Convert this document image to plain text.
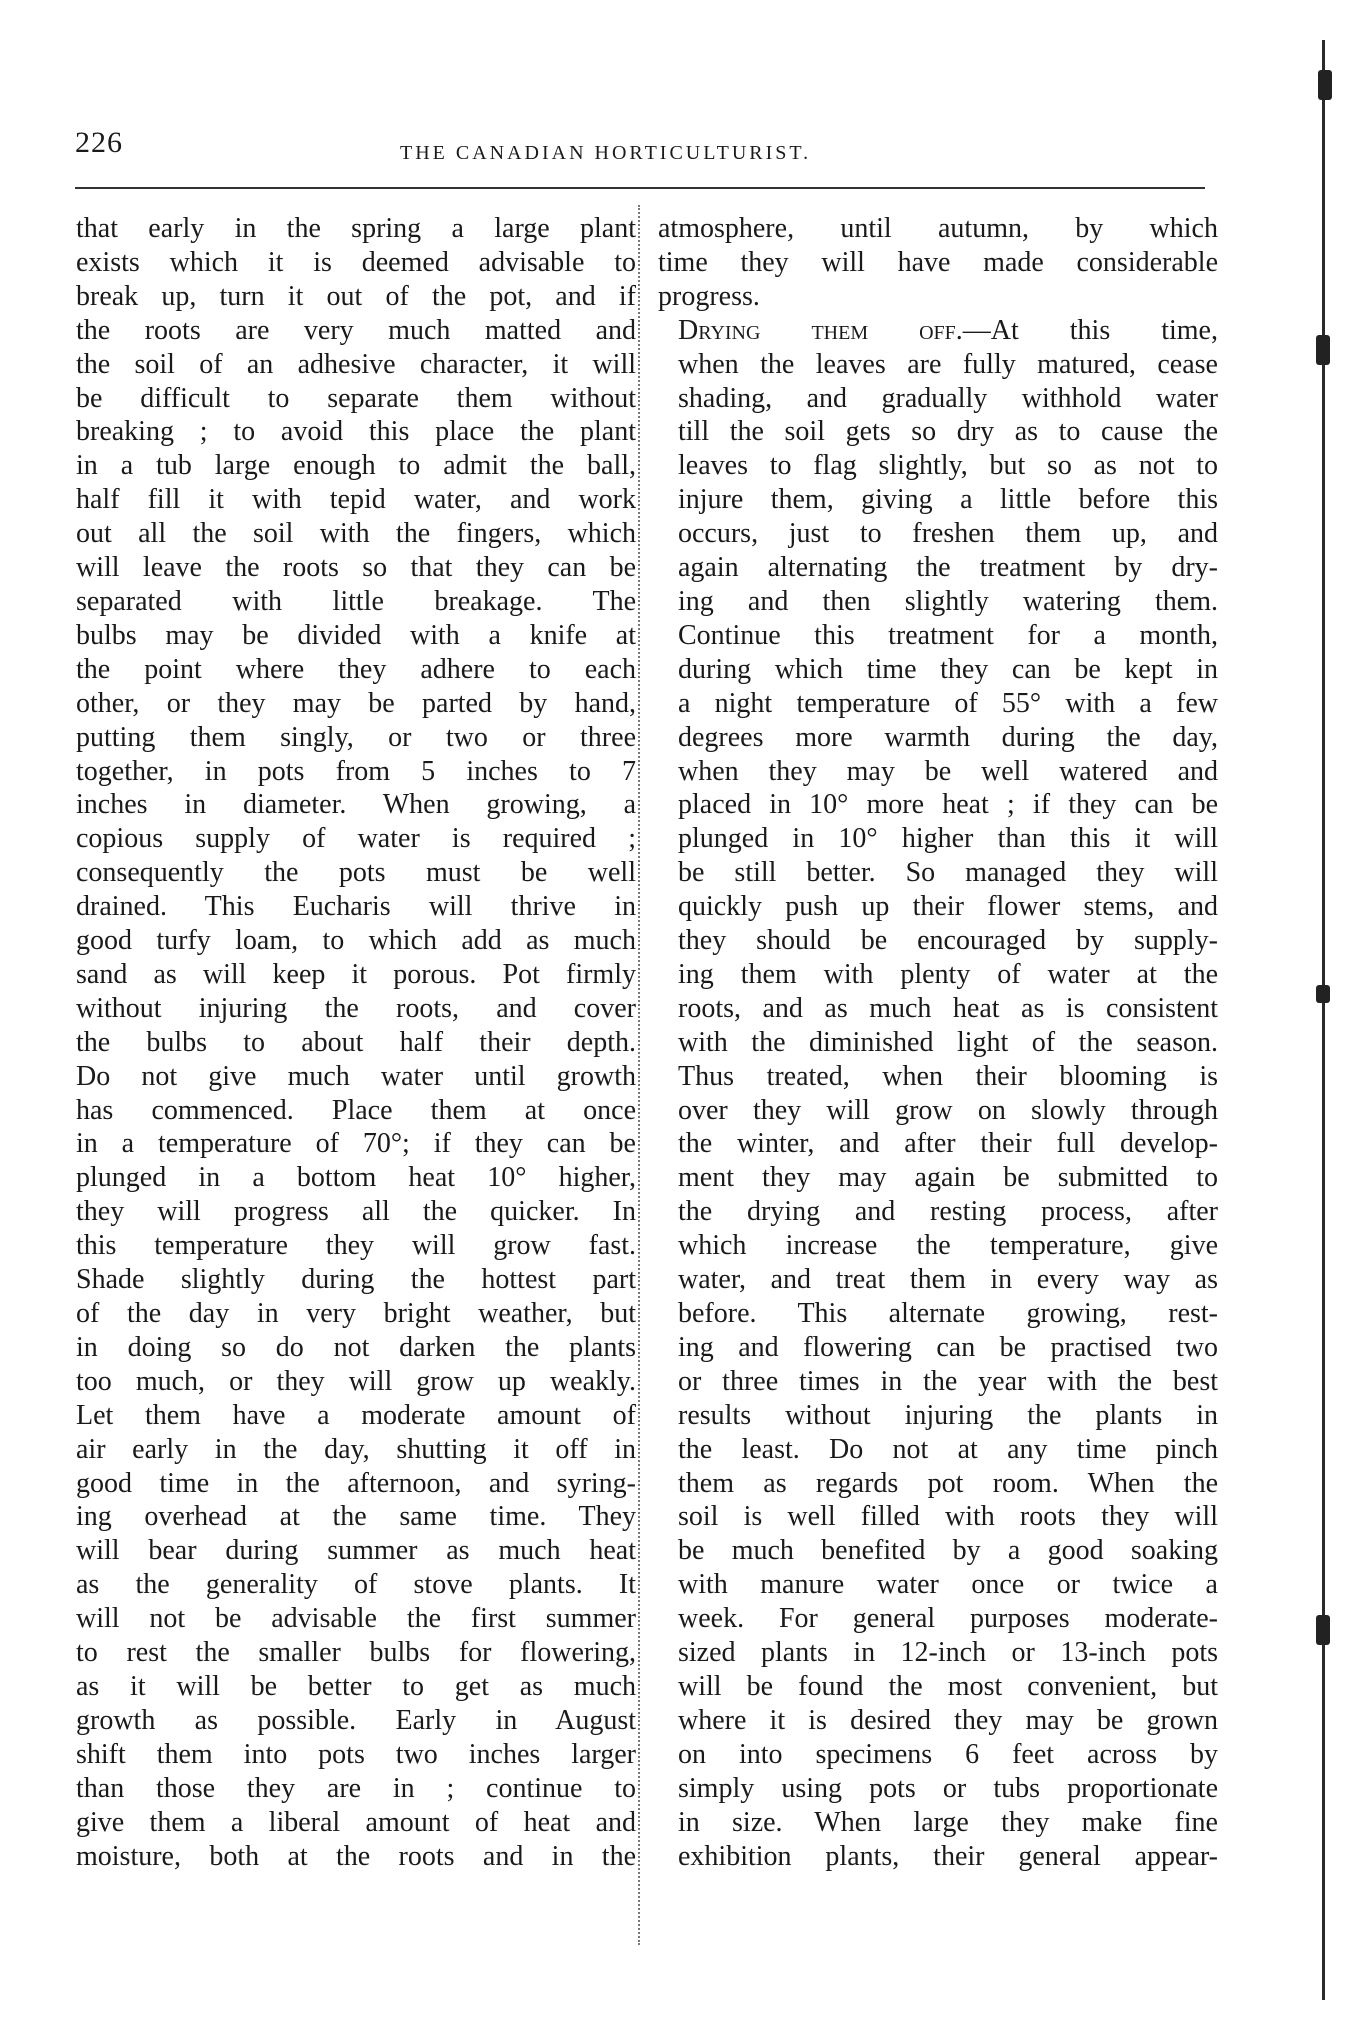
226	THE CANADIAN HORTICULTURIST.

that early in the spring a large plant
exists which it is deemed advisable to
break up, turn it out of the pot, and if
the roots are very much matted and
the soil of an adhesive character, it will
be difficult to separate them without
breaking ; to avoid this place the plant
in a tub large enough to admit the ball,
half fill it with tepid water, and work
out all the soil with the fingers, which
will leave the roots so that they can be
separated with little breakage. The
bulbs may be divided with a knife at
the point where they adhere to each
other, or they may be parted by hand,
putting them singly, or two or three
together, in pots from 5 inches to 7
inches in diameter. When growing, a
copious supply of water is required ;
consequently the pots must be well
drained. This Eucharis will thrive in
good turfy loam, to which add as much
sand as will keep it porous. Pot firmly
without injuring the roots, and cover
the bulbs to about half their depth.
Do not give much water until growth
has commenced. Place them at once
in a temperature of 70°; if they can be
plunged in a bottom heat 10° higher,
they will progress all the quicker. In
this temperature they will grow fast.
Shade slightly during the hottest part
of the day in very bright weather, but
in doing so do not darken the plants
too much, or they will grow up weakly.
Let them have a moderate amount of
air early in the day, shutting it off in
good time in the afternoon, and syring-
ing overhead at the same time. They
will bear during summer as much heat
as the generality of stove plants. It
will not be advisable the first summer
to rest the smaller bulbs for flowering,
as it will be better to get as much
growth as possible. Early in August
shift them into pots two inches larger
than those they are in ; continue to
give them a liberal amount of heat and
moisture, both at the roots and in the

atmosphere, until autumn, by which
time they will have made considerable
progress.

Drying them off.—At this time,
when the leaves are fully matured, cease
shading, and gradually withhold water
till the soil gets so dry as to cause the
leaves to flag slightly, but so as not to
injure them, giving a little before this
occurs, just to freshen them up, and
again alternating the treatment by dry-
ing and then slightly watering them.
Continue this treatment for a month,
during which time they can be kept in
a night temperature of 55° with a few
degrees more warmth during the day,
when they may be well watered and
placed in 10° more heat ; if they can be
plunged in 10° higher than this it will
be still better. So managed they will
quickly push up their flower stems, and
they should be encouraged by supply-
ing them with plenty of water at the
roots, and as much heat as is consistent
with the diminished light of the season.
Thus treated, when their blooming is
over they will grow on slowly through
the winter, and after their full develop-
ment they may again be submitted to
the drying and resting process, after
which increase the temperature, give
water, and treat them in every way as
before. This alternate growing, rest-
ing and flowering can be practised two
or three times in the year with the best
results without injuring the plants in
the least. Do not at any time pinch
them as regards pot room. When the
soil is well filled with roots they will
be much benefited by a good soaking
with manure water once or twice a
week. For general purposes moderate-
sized plants in 12-inch or 13-inch pots
will be found the most convenient, but
where it is desired they may be grown
on into specimens 6 feet across by
simply using pots or tubs proportionate
in size. When large they make fine
exhibition plants, their general appear-
